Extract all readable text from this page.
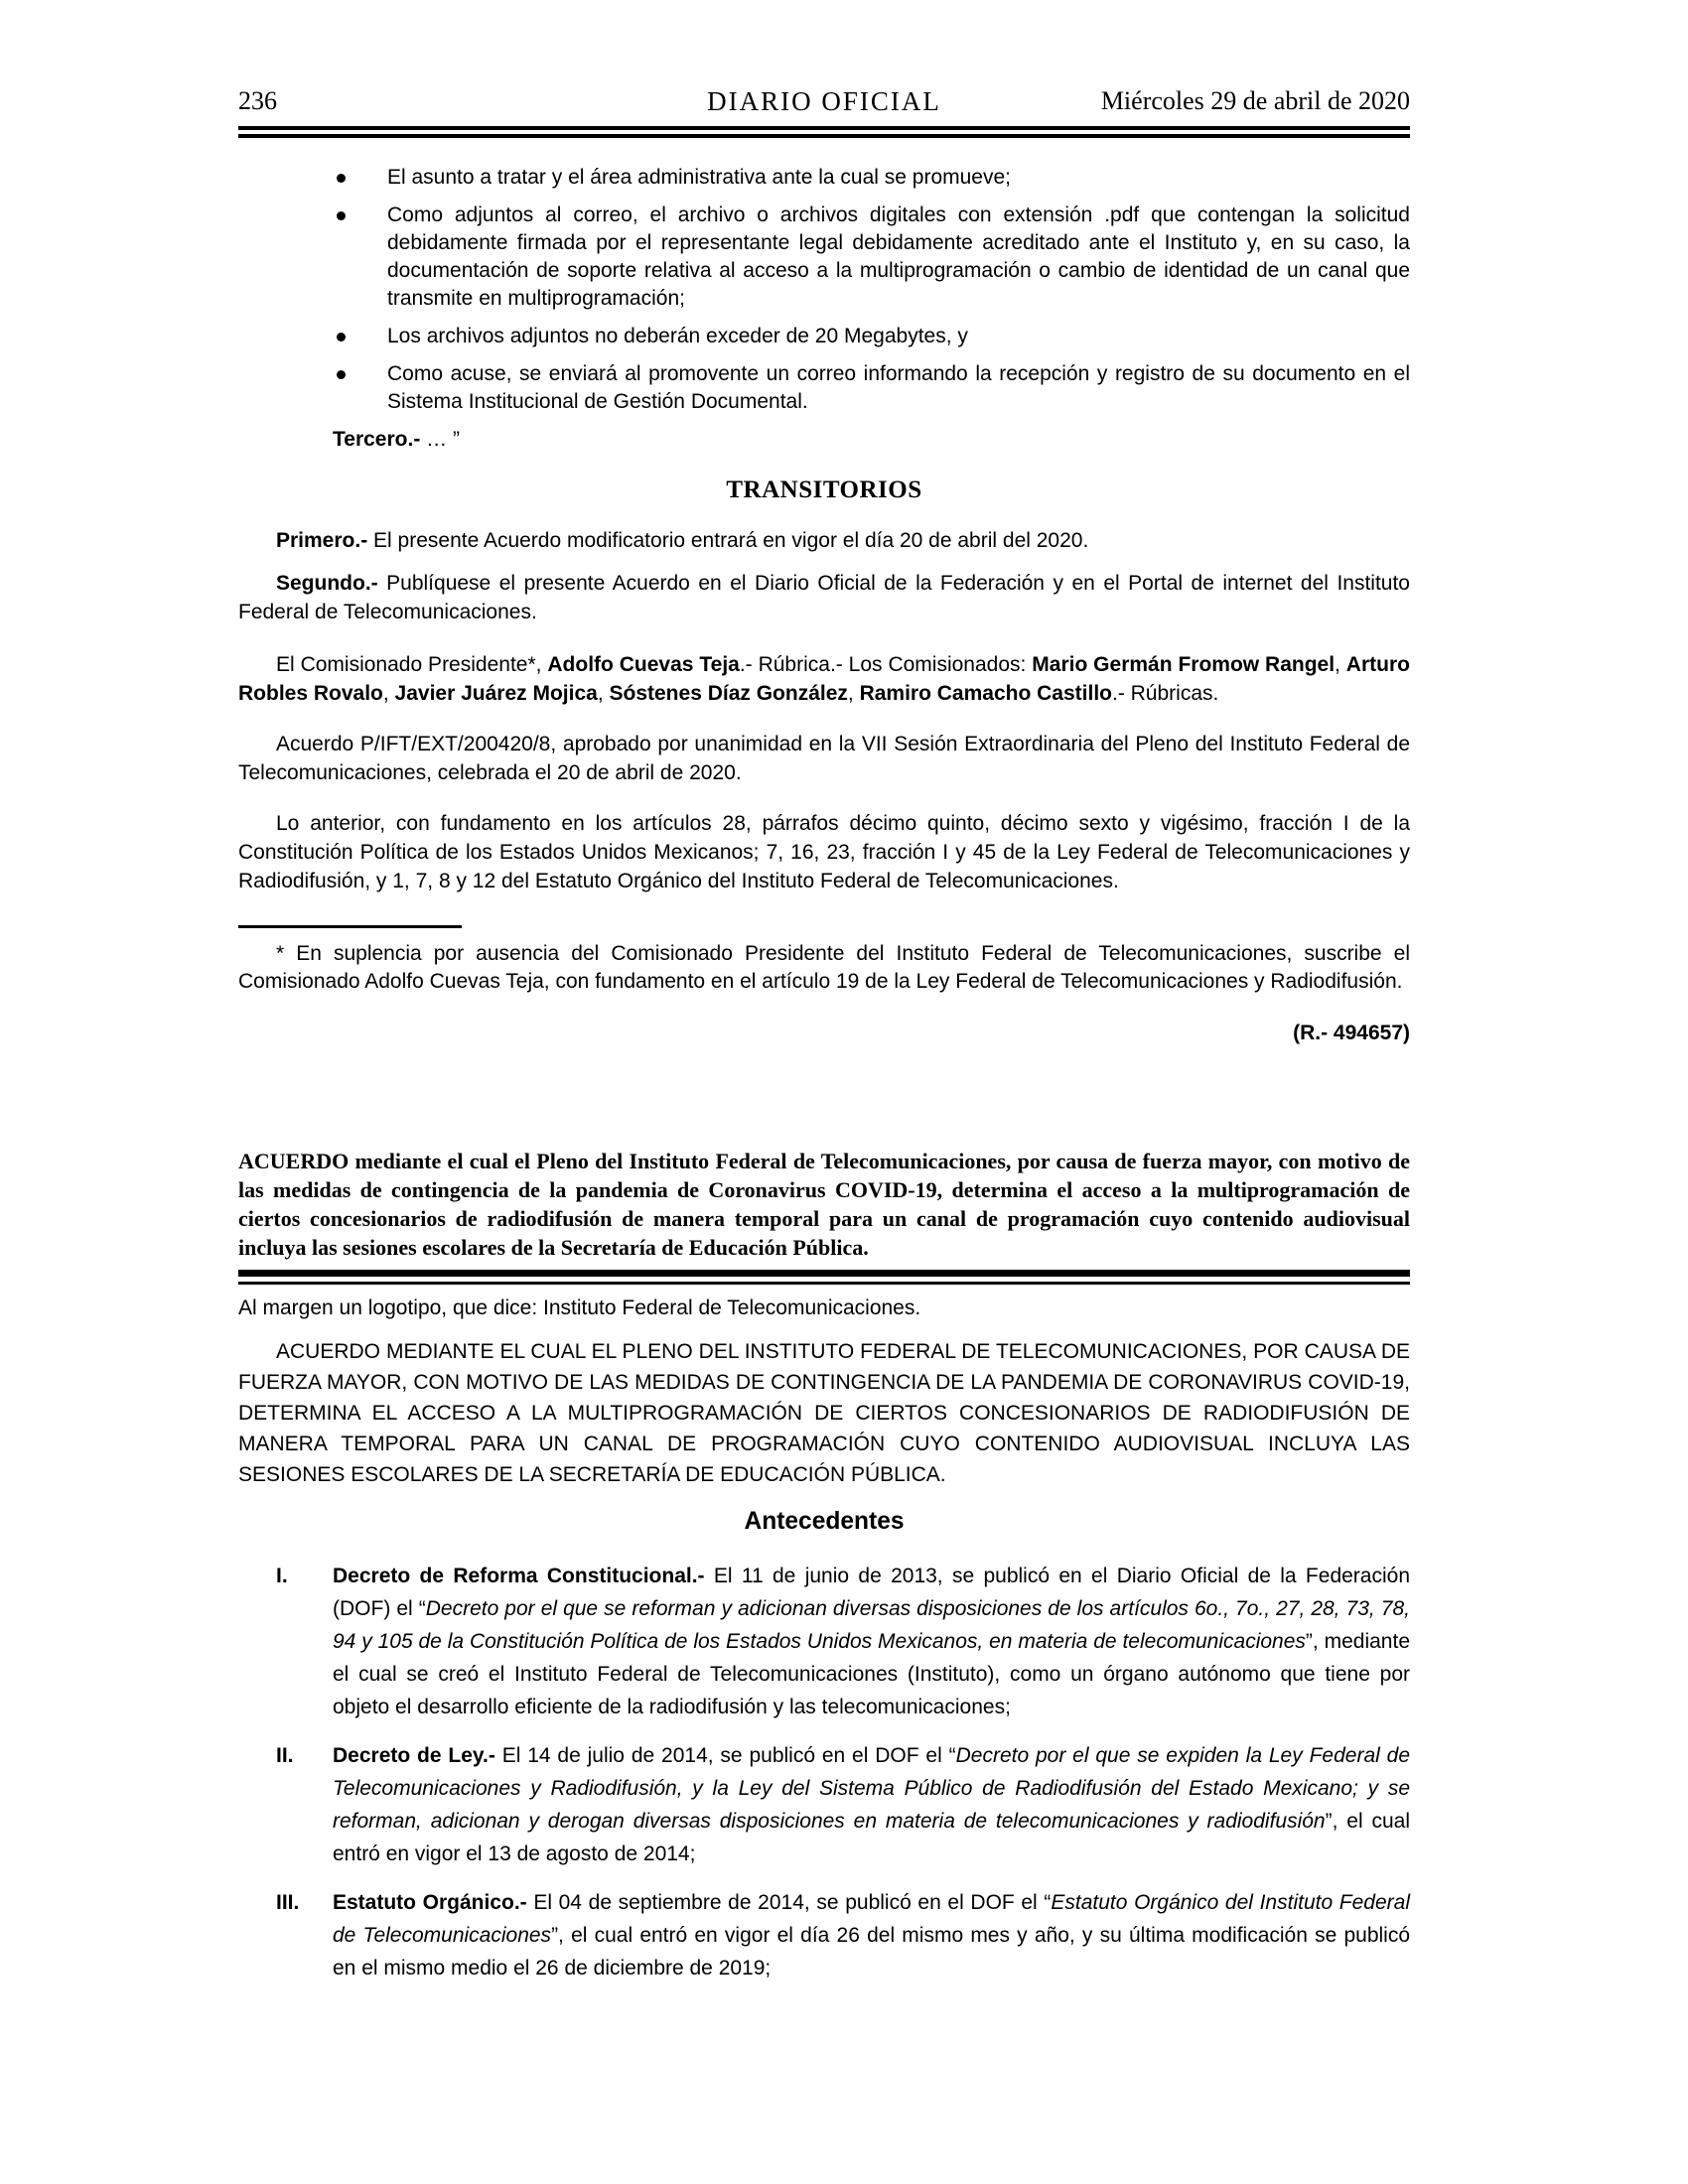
236	DIARIO OFICIAL	Miércoles 29 de abril de 2020

El asunto a tratar y el área administrativa ante la cual se promueve;

Como adjuntos al correo, el archivo o archivos digitales con extensión .pdf que contengan la solicitud debidamente firmada por el representante legal debidamente acreditado ante el Instituto y, en su caso, la documentación de soporte relativa al acceso a la multiprogramación o cambio de identidad de un canal que transmite en multiprogramación;

Los archivos adjuntos no deberán exceder de 20 Megabytes, y

Como acuse, se enviará al promovente un correo informando la recepción y registro de su documento en el Sistema Institucional de Gestión Documental.

Tercero.- … ”

TRANSITORIOS

Primero.- El presente Acuerdo modificatorio entrará en vigor el día 20 de abril del 2020.

Segundo.- Publíquese el presente Acuerdo en el Diario Oficial de la Federación y en el Portal de internet del Instituto Federal de Telecomunicaciones.

El Comisionado Presidente*, Adolfo Cuevas Teja.- Rúbrica.- Los Comisionados: Mario Germán Fromow Rangel, Arturo Robles Rovalo, Javier Juárez Mojica, Sóstenes Díaz González, Ramiro Camacho Castillo.- Rúbricas.

Acuerdo P/IFT/EXT/200420/8, aprobado por unanimidad en la VII Sesión Extraordinaria del Pleno del Instituto Federal de Telecomunicaciones, celebrada el 20 de abril de 2020.

Lo anterior, con fundamento en los artículos 28, párrafos décimo quinto, décimo sexto y vigésimo, fracción I de la Constitución Política de los Estados Unidos Mexicanos; 7, 16, 23, fracción I y 45 de la Ley Federal de Telecomunicaciones y Radiodifusión, y 1, 7, 8 y 12 del Estatuto Orgánico del Instituto Federal de Telecomunicaciones.

* En suplencia por ausencia del Comisionado Presidente del Instituto Federal de Telecomunicaciones, suscribe el Comisionado Adolfo Cuevas Teja, con fundamento en el artículo 19 de la Ley Federal de Telecomunicaciones y Radiodifusión.

(R.- 494657)

ACUERDO mediante el cual el Pleno del Instituto Federal de Telecomunicaciones, por causa de fuerza mayor, con motivo de las medidas de contingencia de la pandemia de Coronavirus COVID-19, determina el acceso a la multiprogramación de ciertos concesionarios de radiodifusión de manera temporal para un canal de programación cuyo contenido audiovisual incluya las sesiones escolares de la Secretaría de Educación Pública.

Al margen un logotipo, que dice: Instituto Federal de Telecomunicaciones.

ACUERDO MEDIANTE EL CUAL EL PLENO DEL INSTITUTO FEDERAL DE TELECOMUNICACIONES, POR CAUSA DE FUERZA MAYOR, CON MOTIVO DE LAS MEDIDAS DE CONTINGENCIA DE LA PANDEMIA DE CORONAVIRUS COVID-19, DETERMINA EL ACCESO A LA MULTIPROGRAMACIÓN DE CIERTOS CONCESIONARIOS DE RADIODIFUSIÓN DE MANERA TEMPORAL PARA UN CANAL DE PROGRAMACIÓN CUYO CONTENIDO AUDIOVISUAL INCLUYA LAS SESIONES ESCOLARES DE LA SECRETARÍA DE EDUCACIÓN PÚBLICA.

Antecedentes
I. Decreto de Reforma Constitucional.- El 11 de junio de 2013, se publicó en el Diario Oficial de la Federación (DOF) el “Decreto por el que se reforman y adicionan diversas disposiciones de los artículos 6o., 7o., 27, 28, 73, 78, 94 y 105 de la Constitución Política de los Estados Unidos Mexicanos, en materia de telecomunicaciones”, mediante el cual se creó el Instituto Federal de Telecomunicaciones (Instituto), como un órgano autónomo que tiene por objeto el desarrollo eficiente de la radiodifusión y las telecomunicaciones;

II. Decreto de Ley.- El 14 de julio de 2014, se publicó en el DOF el “Decreto por el que se expiden la Ley Federal de Telecomunicaciones y Radiodifusión, y la Ley del Sistema Público de Radiodifusión del Estado Mexicano; y se reforman, adicionan y derogan diversas disposiciones en materia de telecomunicaciones y radiodifusión”, el cual entró en vigor el 13 de agosto de 2014;

III. Estatuto Orgánico.- El 04 de septiembre de 2014, se publicó en el DOF el “Estatuto Orgánico del Instituto Federal de Telecomunicaciones”, el cual entró en vigor el día 26 del mismo mes y año, y su última modificación se publicó en el mismo medio el 26 de diciembre de 2019;
